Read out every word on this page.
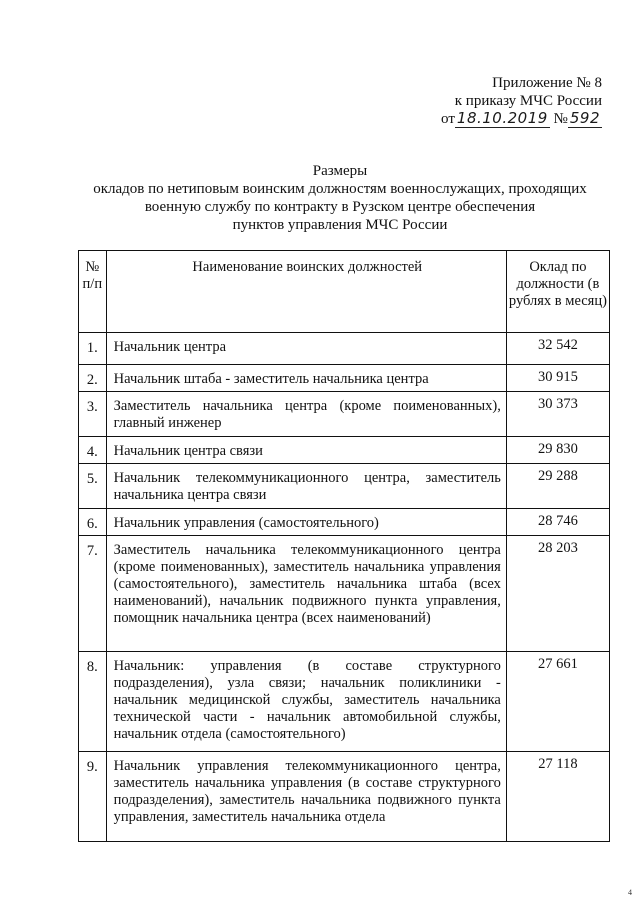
Приложение № 8
к приказу МЧС России
от 18.10.2019 № 592
Размеры
окладов по нетиповым воинским должностям военнослужащих, проходящих
военную службу по контракту в Рузском центре обеспечения
пунктов управления МЧС России
№ п/п	Наименование воинских должностей	Оклад по должности (в рублях в месяц)
1.	Начальник центра	32 542
2.	Начальник штаба - заместитель начальника центра	30 915
3.	Заместитель начальника центра (кроме поименованных), главный инженер	30 373
4.	Начальник центра связи	29 830
5.	Начальник телекоммуникационного центра, заместитель начальника центра связи	29 288
6.	Начальник управления (самостоятельного)	28 746
7.	Заместитель начальника телекоммуникационного центра (кроме поименованных), заместитель начальника управления (самостоятельного), заместитель начальника штаба (всех наименований), начальник подвижного пункта управления, помощник начальника центра (всех наименований)	28 203
8.	Начальник: управления (в составе структурного подразделения), узла связи; начальник поликлиники - начальник медицинской службы, заместитель начальника технической части - начальник автомобильной службы, начальник отдела (самостоятельного)	27 661
9.	Начальник управления телекоммуникационного центра, заместитель начальника управления (в составе структурного подразделения), заместитель начальника подвижного пункта управления, заместитель начальника отдела	27 118
4
